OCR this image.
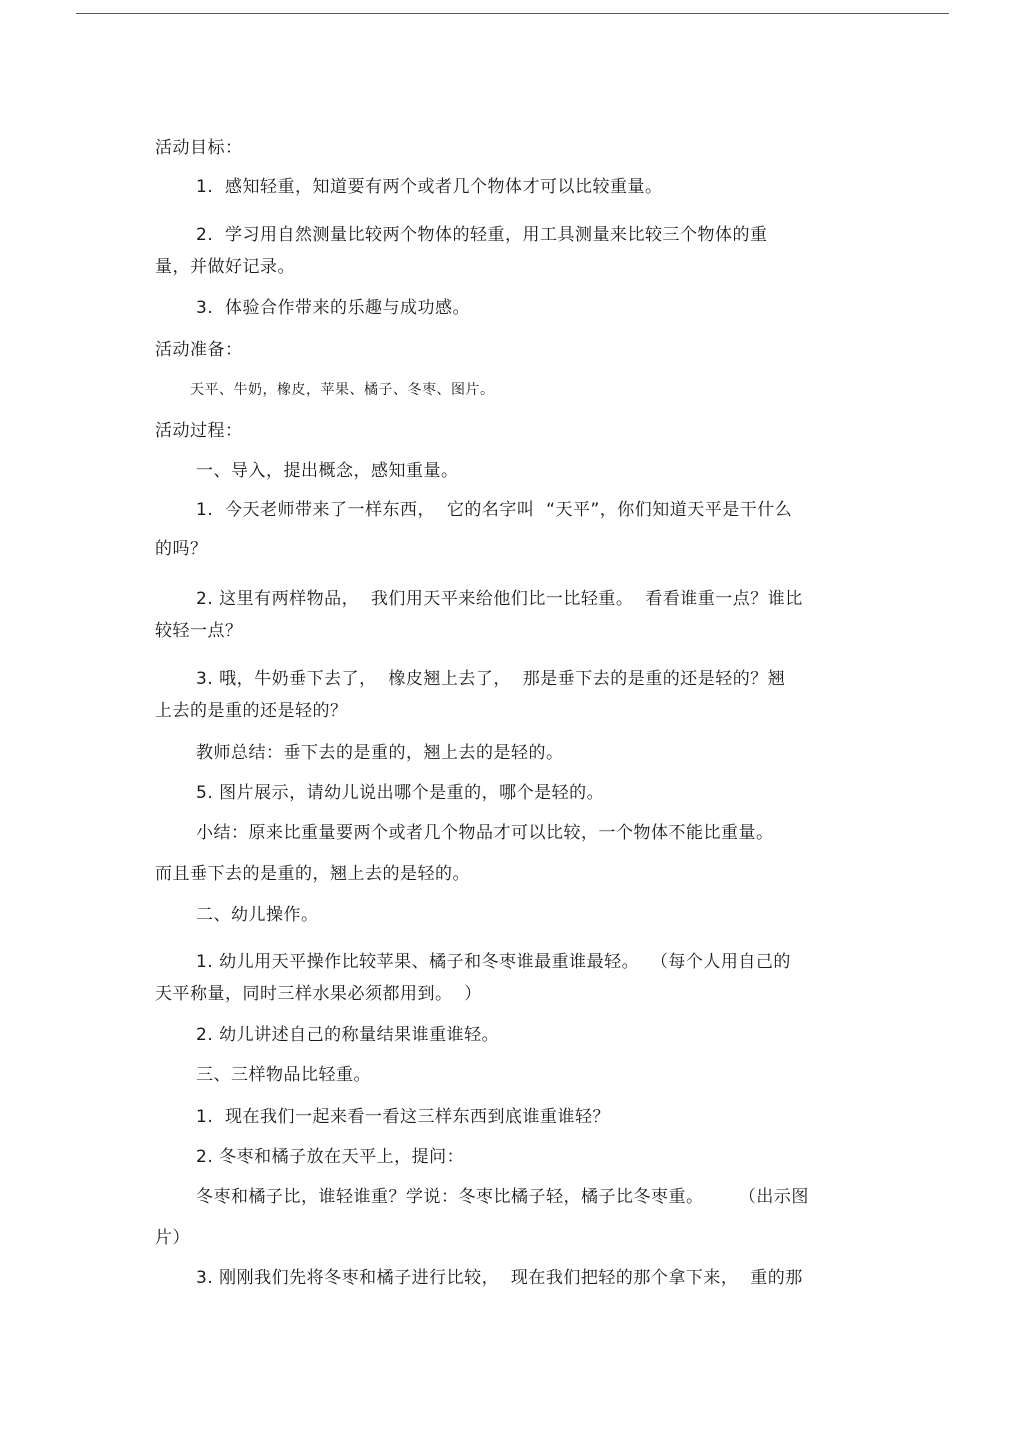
活动目标：

1.  感知轻重，知道要有两个或者几个物体才可以比较重量。

2.  学习用自然测量比较两个物体的轻重，用工具测量来比较三个物体的重

量，并做好记录。

3.  体验合作带来的乐趣与成功感。

活动准备：

天平、牛奶，橡皮，苹果、橘子、冬枣、图片。

活动过程：

一、导入，提出概念，感知重量。

1.  今天老师带来了一样东西，  它的名字叫  “天平”，你们知道天平是干什么

的吗？

2. 这里有两样物品，  我们用天平来给他们比一比轻重。  看看谁重一点？谁比

较轻一点？

3. 哦，牛奶垂下去了，  橡皮翘上去了，  那是垂下去的是重的还是轻的？翘

上去的是重的还是轻的？

教师总结：垂下去的是重的，翘上去的是轻的。

5. 图片展示，请幼儿说出哪个是重的，哪个是轻的。

小结：原来比重量要两个或者几个物品才可以比较，一个物体不能比重量。

而且垂下去的是重的，翘上去的是轻的。

二、幼儿操作。

1. 幼儿用天平操作比较苹果、橘子和冬枣谁最重谁最轻。  （每个人用自己的

天平称量，同时三样水果必须都用到。  ）

2. 幼儿讲述自己的称量结果谁重谁轻。

三、三样物品比轻重。

1.  现在我们一起来看一看这三样东西到底谁重谁轻？

2. 冬枣和橘子放在天平上，提问：

冬枣和橘子比，谁轻谁重？学说：冬枣比橘子轻，橘子比冬枣重。      （出示图

片）

3. 刚刚我们先将冬枣和橘子进行比较，  现在我们把轻的那个拿下来，  重的那
